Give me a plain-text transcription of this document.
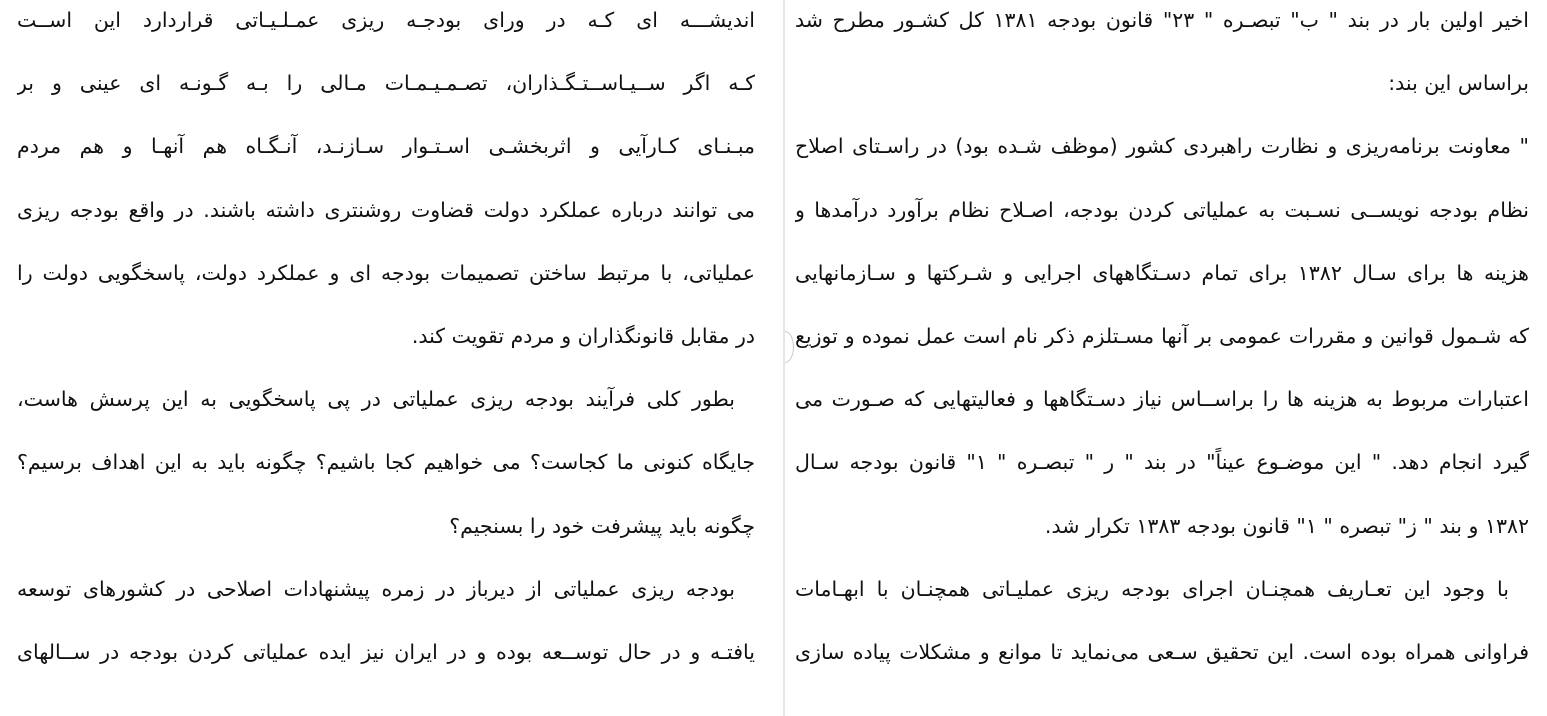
اندیشـــه ای کـه در ورای بودجـه ریزی عمـلـیـاتی قراردارد این اســت
کـه اگر ســیـاســتـگـذاران، تصـمـیـمـات مـالی را بـه گـونـه ای عینی و بر
مبـنـای کـارآیی و اثربخشـی اسـتـوار سـازنـد، آنـگـاه هم آنهـا و هم مردم
می توانند درباره عملکرد دولت قضاوت روشنتری داشته باشند. در واقع بودجه ریزی
عملیاتی، با مرتبط ساختن تصمیمات بودجه ای و عملکرد دولت، پاسخگویی دولت را
در مقابل قانونگذاران و مردم تقویت کند.
بطور کلی فرآیند بودجه ریزی عملیاتی در پی پاسخگویی به این پرسش هاست،
جایگاه کنونی ما کجاست؟ می خواهیم کجا باشیم؟ چگونه باید به این اهداف برسیم؟
چگونه باید پیشرفت خود را بسنجیم؟
بودجه ریزی عملیاتی از دیرباز در زمره پیشنهادات اصلاحی در کشورهای توسعه
یافتـه و در حال توســعه بوده و در ایران نیز ایده عملیاتی کردن بودجه در ســالهای
اخیر اولین بار در بند " ب" تبصـره " ۲۳" قانون بودجه ۱۳۸۱ کل کشـور مطرح شد
براساس این بند:
" معاونت برنامه‌ریزی و نظارت راهبردی کشور (موظف شـده بود) در راسـتای اصلاح
نظام بودجه نویســی نسـبت به عملیاتی کردن بودجه، اصـلاح نظام برآورد درآمدها و
هزینه ها برای سـال ۱۳۸۲ برای تمام دسـتگاههای اجرایی و شـرکتها و سـازمانهایی
که شـمول قوانین و مقررات عمومی بر آنها مسـتلزم ذکر نام است عمل نموده و توزیع
اعتبارات مربوط به هزینه ها را براســاس نیاز دسـتگاهها و فعالیتهایی که صـورت می
گیرد انجام دهد. " این موضـوع عیناً" در بند " ر " تبصـره " ۱" قانون بودجه سـال
۱۳۸۲ و بند " ز" تبصره " ۱" قانون بودجه ۱۳۸۳ تکرار شد.
با وجود این تعـاریف همچنـان اجرای بودجه ریزی عملیـاتی همچنـان با ابهـامات
فراوانی همراه بوده است. این تحقیق سـعی می‌نماید تا موانع و مشکلات پیاده سازی
